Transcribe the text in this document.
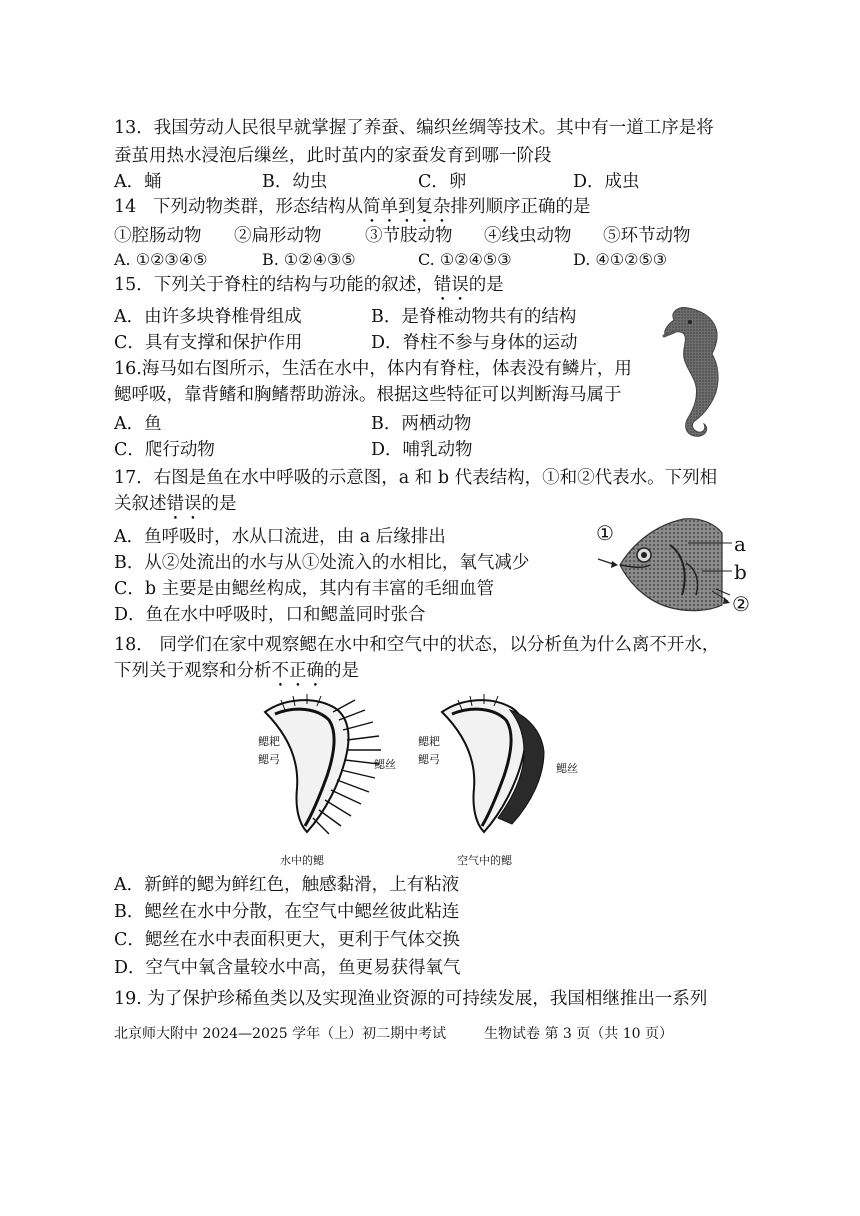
13．我国劳动人民很早就掌握了养蚕、编织丝绸等技术。其中有一道工序是将
蚕茧用热水浸泡后缫丝，此时茧内的家蚕发育到哪一阶段
A．蛹	B．幼虫	C．卵	D．成虫
14 下列动物类群，形态结构从简单到复杂排列顺序正确的是
①腔肠动物 ②扁形动物 ③节肢动物 ④线虫动物 ⑤环节动物
A. ①②③④⑤	B. ①②④③⑤	C. ①②④⑤③	D. ④①②⑤③
15．下列关于脊柱的结构与功能的叙述，错误的是
A．由许多块脊椎骨组成	B．是脊椎动物共有的结构
C．具有支撑和保护作用	D．脊柱不参与身体的运动
16.海马如右图所示，生活在水中，体内有脊柱，体表没有鳞片，用
鳃呼吸，靠背鳍和胸鳍帮助游泳。根据这些特征可以判断海马属于
A．鱼	B．两栖动物
C．爬行动物	D．哺乳动物
17．右图是鱼在水中呼吸的示意图，a 和 b 代表结构，①和②代表水。下列相
关叙述错误的是
A．鱼呼吸时，水从口流进，由 a 后缘排出
B．从②处流出的水与从①处流入的水相比，氧气减少
C．b 主要是由鳃丝构成，其内有丰富的毛细血管
D．鱼在水中呼吸时，口和鳃盖同时张合
①	a
b
②
18． 同学们在家中观察鳃在水中和空气中的状态，以分析鱼为什么离不开水，
下列关于观察和分析不正确的是
鳃耙
鳃弓	鳃丝
水中的鳃
鳃耙
鳃弓
鳃丝
空气中的鳃
A．新鲜的鳃为鲜红色，触感黏滑，上有粘液
B．鳃丝在水中分散，在空气中鳃丝彼此粘连
C．鳃丝在水中表面积更大，更利于气体交换
D．空气中氧含量较水中高，鱼更易获得氧气
19. 为了保护珍稀鱼类以及实现渔业资源的可持续发展，我国相继推出一系列
北京师大附中 2024—2025 学年（上）初二期中考试	生物试卷 第 3 页（共 10 页）
